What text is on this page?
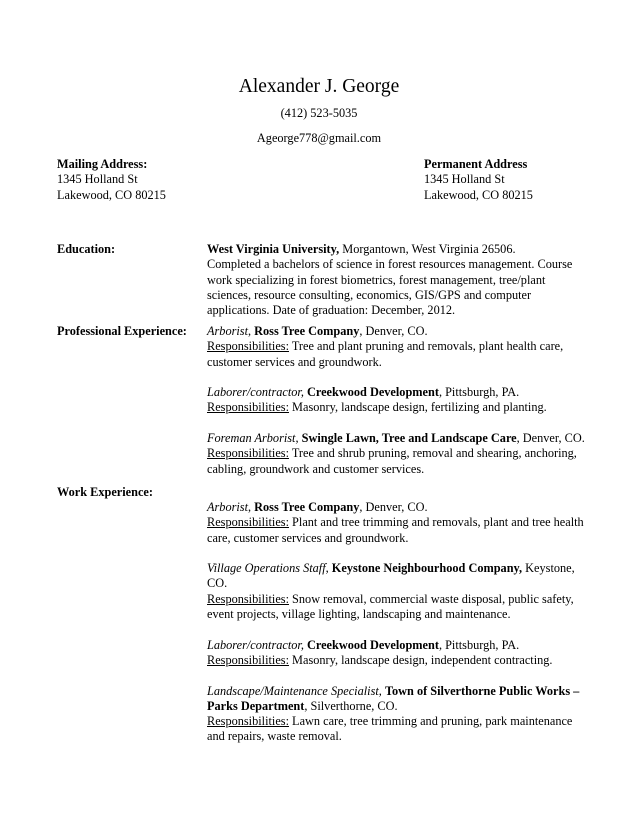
Alexander J. George
(412) 523-5035
Ageorge778@gmail.com
Mailing Address:
1345 Holland St
Lakewood, CO 80215
Permanent Address
1345 Holland St
Lakewood, CO 80215
Education:	West Virginia University, Morgantown, West Virginia 26506.

Completed a bachelors of science in forest resources management. Course work specializing in forest biometrics, forest management, tree/plant sciences, resource consulting, economics, GIS/GPS and computer applications. Date of graduation: December, 2012.

Professional Experience: Arborist, Ross Tree Company, Denver, CO.

Responsibilities: Tree and plant pruning and removals, plant health care, customer services and groundwork.

Laborer/contractor, Creekwood Development, Pittsburgh, PA.

Responsibilities: Masonry, landscape design, fertilizing and planting.

Foreman Arborist, Swingle Lawn, Tree and Landscape Care, Denver, CO. Responsibilities: Tree and shrub pruning, removal and shearing, anchoring, cabling, groundwork and customer services.

Work Experience:

Arborist, Ross Tree Company, Denver, CO.

Responsibilities: Plant and tree trimming and removals, plant and tree health care, customer services and groundwork.

Village Operations Staff, Keystone Neighbourhood Company, Keystone, CO.

Responsibilities: Snow removal, commercial waste disposal, public safety, event projects, village lighting, landscaping and maintenance.

Laborer/contractor, Creekwood Development, Pittsburgh, PA.

Responsibilities: Masonry, landscape design, independent contracting.

Landscape/Maintenance Specialist, Town of Silverthorne Public Works – Parks Department, Silverthorne, CO.

Responsibilities: Lawn care, tree trimming and pruning, park maintenance and repairs, waste removal.
